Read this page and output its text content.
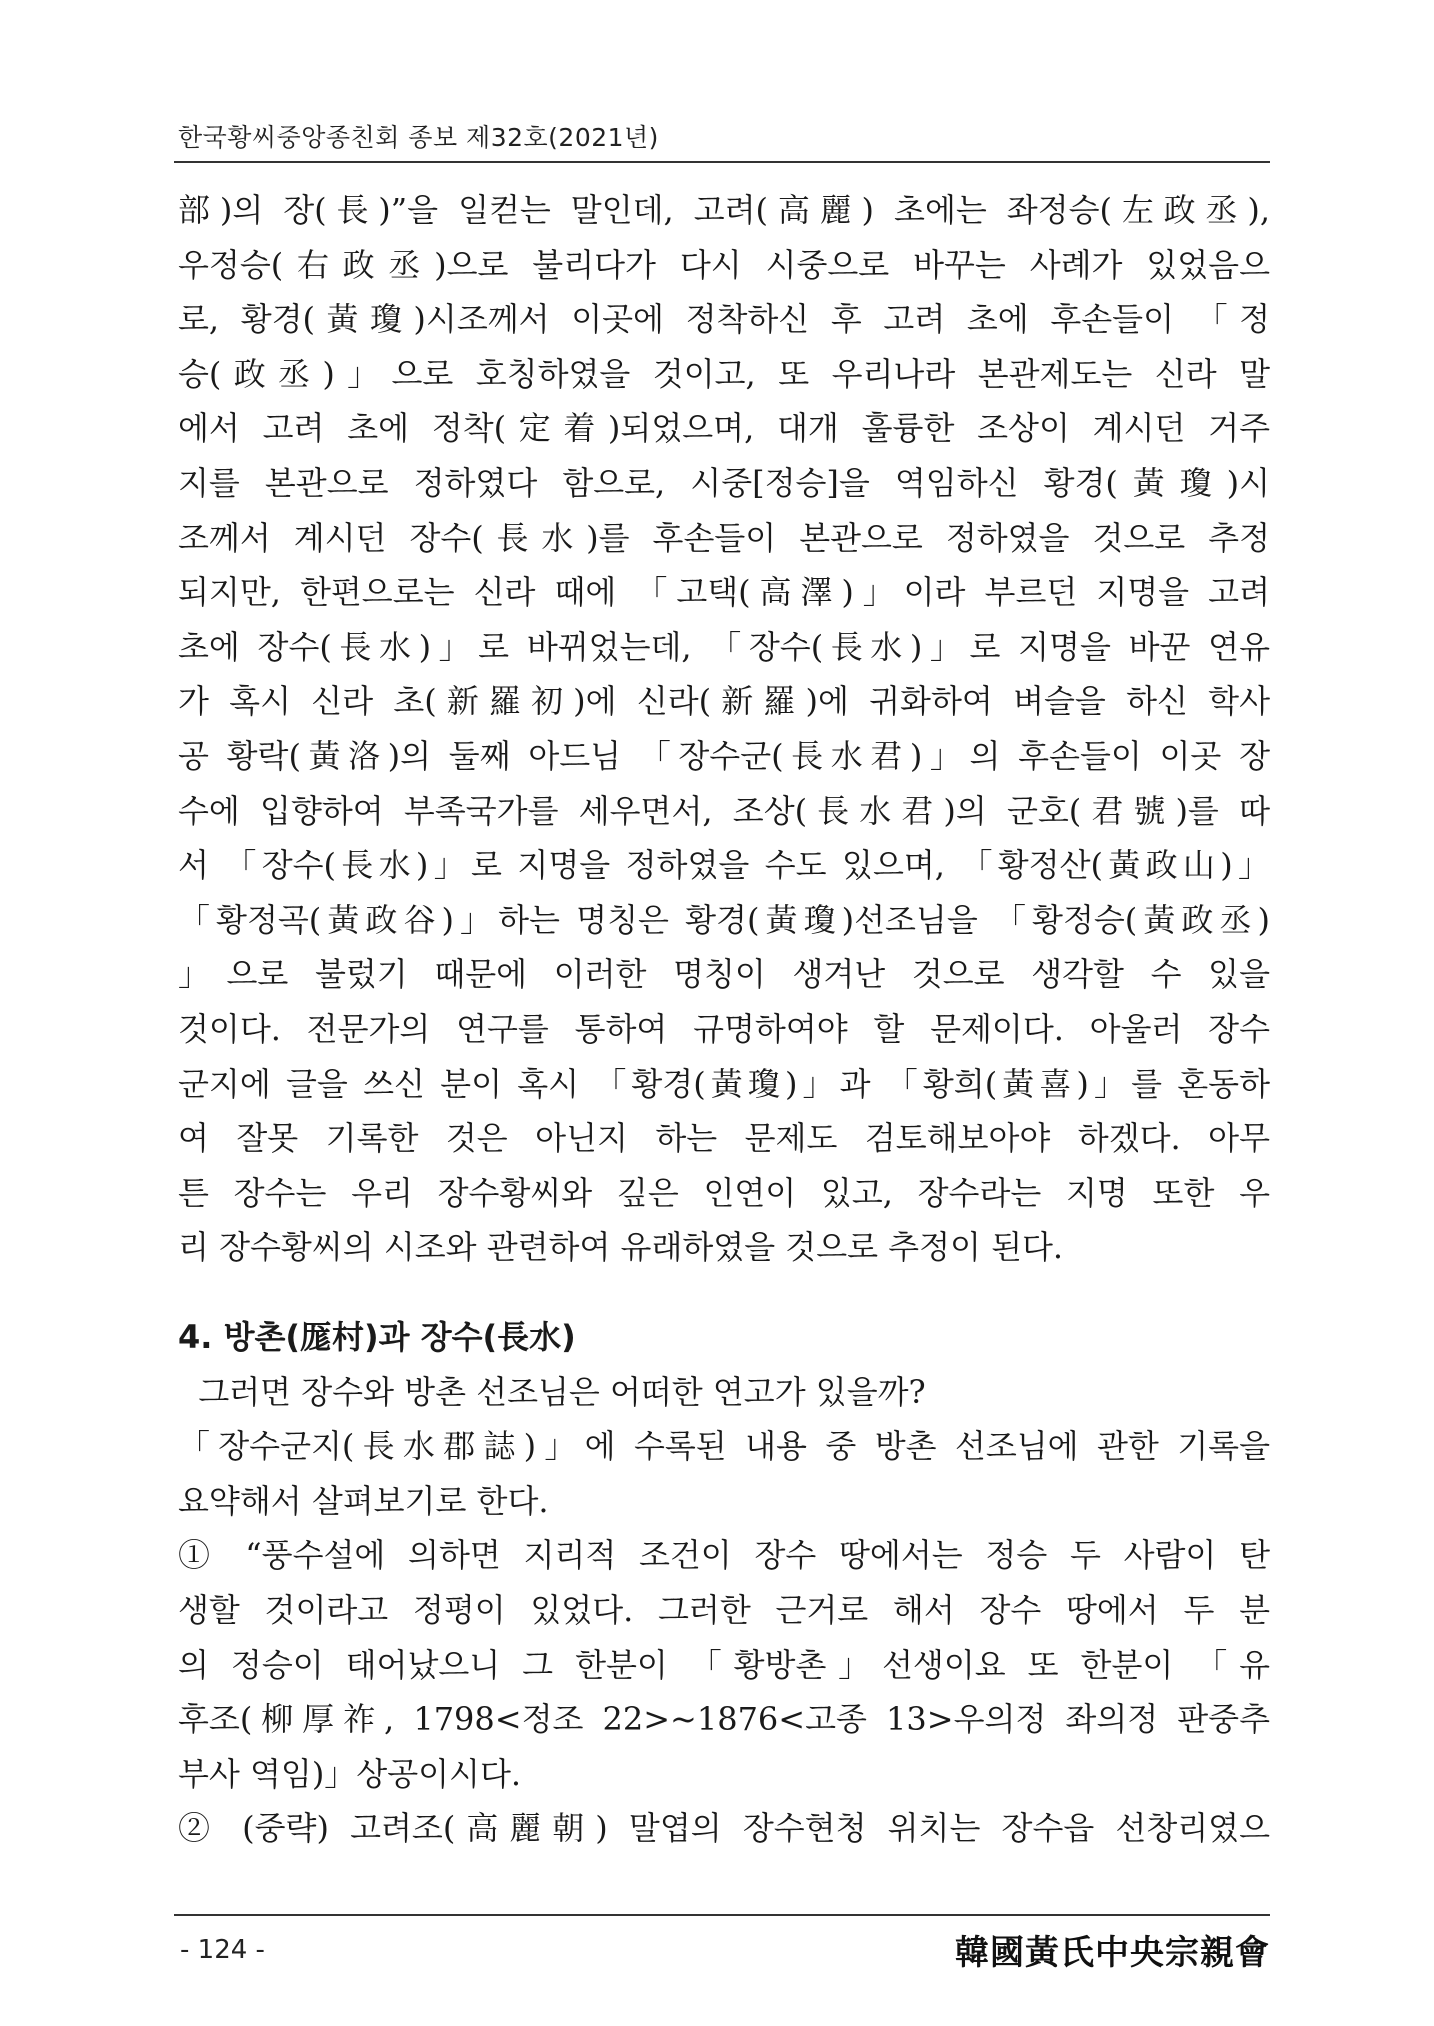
한국황씨중앙종친회 종보 제32호(2021년)
部)의 장(長)”을 일컫는 말인데, 고려(高麗) 초에는 좌정승(左政丞),
우정승(右政丞)으로 불리다가 다시 시중으로 바꾸는 사례가 있었음으
로, 황경(黃瓊)시조께서 이곳에 정착하신 후 고려 초에 후손들이 「정
승(政丞)」으로 호칭하였을 것이고, 또 우리나라 본관제도는 신라 말
에서 고려 초에 정착(定着)되었으며, 대개 훌륭한 조상이 계시던 거주
지를 본관으로 정하였다 함으로, 시중[정승]을 역임하신 황경(黃瓊)시
조께서 계시던 장수(長水)를 후손들이 본관으로 정하였을 것으로 추정
되지만, 한편으로는 신라 때에 「고택(高澤)」이라 부르던 지명을 고려
초에 장수(長水)」로 바뀌었는데, 「장수(長水)」로 지명을 바꾼 연유
가 혹시 신라 초(新羅初)에 신라(新羅)에 귀화하여 벼슬을 하신 학사
공 황락(黃洛)의 둘째 아드님 「장수군(長水君)」의 후손들이 이곳 장
수에 입향하여 부족국가를 세우면서, 조상(長水君)의 군호(君號)를 따
서 「장수(長水)」로 지명을 정하였을 수도 있으며, 「황정산(黃政山)」
「황정곡(黃政谷)」하는 명칭은 황경(黃瓊)선조님을 「황정승(黃政丞)
」으로 불렀기 때문에 이러한 명칭이 생겨난 것으로 생각할 수 있을
것이다. 전문가의 연구를 통하여 규명하여야 할 문제이다. 아울러 장수
군지에 글을 쓰신 분이 혹시 「황경(黃瓊)」과 「황희(黃喜)」를 혼동하
여 잘못 기록한 것은 아닌지 하는 문제도 검토해보아야 하겠다. 아무
튼 장수는 우리 장수황씨와 깊은 인연이 있고, 장수라는 지명 또한 우
리 장수황씨의 시조와 관련하여 유래하였을 것으로 추정이 된다.
4. 방촌(厖村)과 장수(長水)
그러면 장수와 방촌 선조님은 어떠한 연고가 있을까?
「장수군지(長水郡誌)」에 수록된 내용 중 방촌 선조님에 관한 기록을
요약해서 살펴보기로 한다.
① “풍수설에 의하면 지리적 조건이 장수 땅에서는 정승 두 사람이 탄
생할 것이라고 정평이 있었다. 그러한 근거로 해서 장수 땅에서 두 분
의 정승이 태어났으니 그 한분이 「황방촌」선생이요 또 한분이 「유
후조(柳厚祚, 1798<정조 22>~1876<고종 13>우의정 좌의정 판중추
부사 역임)」상공이시다.
② (중략) 고려조(高麗朝) 말엽의 장수현청 위치는 장수읍 선창리였으
- 124 -	韓國黃氏中央宗親會
